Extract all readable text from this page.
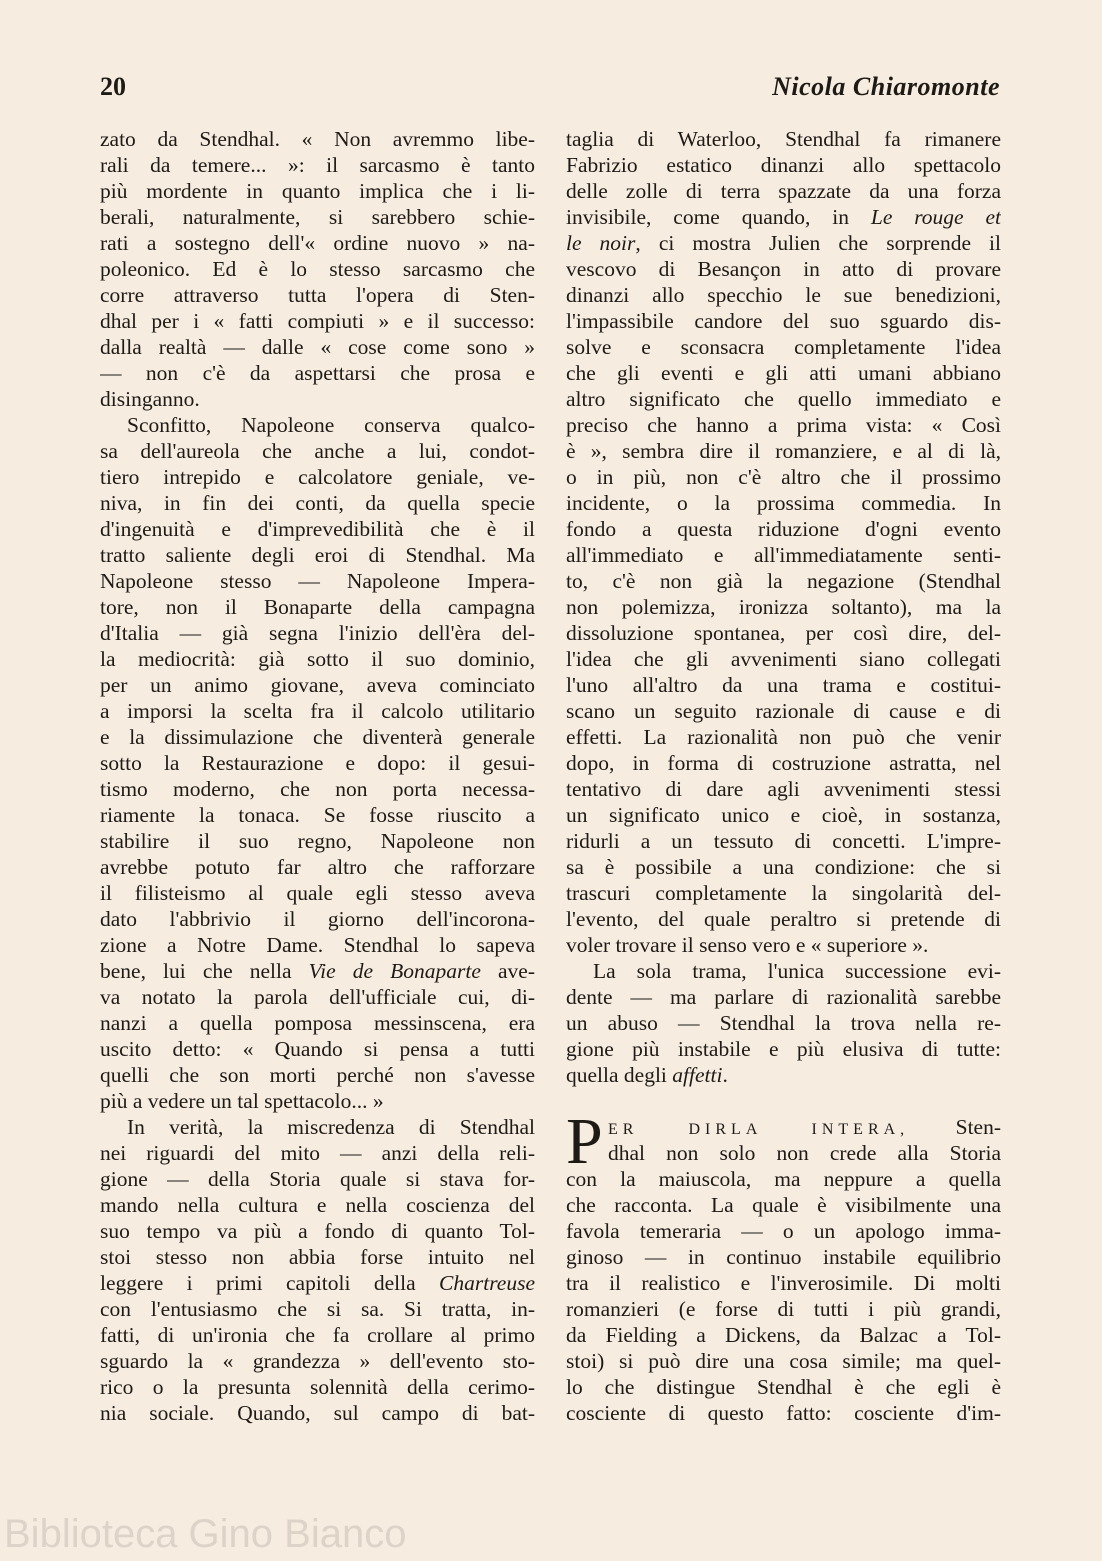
20	Nicola Chiaromonte
zato da Stendhal. « Non avremmo libe-
rali da temere... »: il sarcasmo è tanto
più mordente in quanto implica che i li-
berali, naturalmente, si sarebbero schie-
rati a sostegno dell'« ordine nuovo » na-
poleonico. Ed è lo stesso sarcasmo che
corre attraverso tutta l'opera di Sten-
dhal per i « fatti compiuti » e il successo:
dalla realtà — dalle « cose come sono »
— non c'è da aspettarsi che prosa e
disinganno.
Sconfitto, Napoleone conserva qualco-
sa dell'aureola che anche a lui, condot-
tiero intrepido e calcolatore geniale, ve-
niva, in fin dei conti, da quella specie
d'ingenuità e d'imprevedibilità che è il
tratto saliente degli eroi di Stendhal. Ma
Napoleone stesso — Napoleone Impera-
tore, non il Bonaparte della campagna
d'Italia — già segna l'inizio dell'èra del-
la mediocrità: già sotto il suo dominio,
per un animo giovane, aveva cominciato
a imporsi la scelta fra il calcolo utilitario
e la dissimulazione che diventerà generale
sotto la Restaurazione e dopo: il gesui-
tismo moderno, che non porta necessa-
riamente la tonaca. Se fosse riuscito a
stabilire il suo regno, Napoleone non
avrebbe potuto far altro che rafforzare
il filisteismo al quale egli stesso aveva
dato l'abbrivio il giorno dell'incorona-
zione a Notre Dame. Stendhal lo sapeva
bene, lui che nella Vie de Bonaparte ave-
va notato la parola dell'ufficiale cui, di-
nanzi a quella pomposa messinscena, era
uscito detto: « Quando si pensa a tutti
quelli che son morti perché non s'avesse
più a vedere un tal spettacolo... »
In verità, la miscredenza di Stendhal
nei riguardi del mito — anzi della reli-
gione — della Storia quale si stava for-
mando nella cultura e nella coscienza del
suo tempo va più a fondo di quanto Tol-
stoi stesso non abbia forse intuito nel
leggere i primi capitoli della Chartreuse
con l'entusiasmo che si sa. Si tratta, in-
fatti, di un'ironia che fa crollare al primo
sguardo la « grandezza » dell'evento sto-
rico o la presunta solennità della cerimo-
nia sociale. Quando, sul campo di bat-
taglia di Waterloo, Stendhal fa rimanere
Fabrizio estatico dinanzi allo spettacolo
delle zolle di terra spazzate da una forza
invisibile, come quando, in Le rouge et
le noir, ci mostra Julien che sorprende il
vescovo di Besançon in atto di provare
dinanzi allo specchio le sue benedizioni,
l'impassibile candore del suo sguardo dis-
solve e sconsacra completamente l'idea
che gli eventi e gli atti umani abbiano
altro significato che quello immediato e
preciso che hanno a prima vista: « Così
è », sembra dire il romanziere, e al di là,
o in più, non c'è altro che il prossimo
incidente, o la prossima commedia. In
fondo a questa riduzione d'ogni evento
all'immediato e all'immediatamente senti-
to, c'è non già la negazione (Stendhal
non polemizza, ironizza soltanto), ma la
dissoluzione spontanea, per così dire, del-
l'idea che gli avvenimenti siano collegati
l'uno all'altro da una trama e costitui-
scano un seguito razionale di cause e di
effetti. La razionalità non può che venir
dopo, in forma di costruzione astratta, nel
tentativo di dare agli avvenimenti stessi
un significato unico e cioè, in sostanza,
ridurli a un tessuto di concetti. L'impre-
sa è possibile a una condizione: che si
trascuri completamente la singolarità del-
l'evento, del quale peraltro si pretende di
voler trovare il senso vero e « superiore ».
La sola trama, l'unica successione evi-
dente — ma parlare di razionalità sarebbe
un abuso — Stendhal la trova nella re-
gione più instabile e più elusiva di tutte:
quella degli affetti.
P ER DIRLA INTERA, Sten-
dhal non solo non crede alla Storia
con la maiuscola, ma neppure a quella
che racconta. La quale è visibilmente una
favola temeraria — o un apologo imma-
ginoso — in continuo instabile equilibrio
tra il realistico e l'inverosimile. Di molti
romanzieri (e forse di tutti i più grandi,
da Fielding a Dickens, da Balzac a Tol-
stoi) si può dire una cosa simile; ma quel-
lo che distingue Stendhal è che egli è
cosciente di questo fatto: cosciente d'im-
Biblioteca Gino Bianco
